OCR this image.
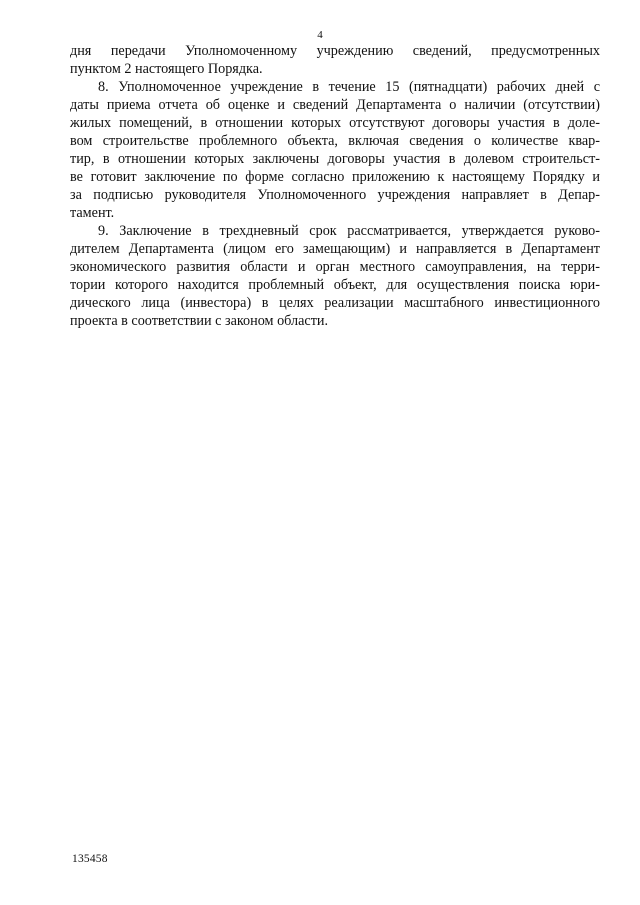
4
дня передачи Уполномоченному учреждению сведений, предусмотренных
пунктом 2 настоящего Порядка.
8. Уполномоченное учреждение в течение 15 (пятнадцати) рабочих дней с
даты приема отчета об оценке и сведений Департамента о наличии (отсутствии)
жилых помещений, в отношении которых отсутствуют договоры участия в доле-
вом строительстве проблемного объекта, включая сведения о количестве квар-
тир, в отношении которых заключены договоры участия в долевом строительст-
ве готовит заключение по форме согласно приложению к настоящему Порядку и
за подписью руководителя Уполномоченного учреждения направляет в Депар-
тамент.
9. Заключение в трехдневный срок рассматривается, утверждается руково-
дителем Департамента (лицом его замещающим) и направляется в Департамент
экономического развития области и орган местного самоуправления, на терри-
тории которого находится проблемный объект, для осуществления поиска юри-
дического лица (инвестора) в целях реализации масштабного инвестиционного
проекта в соответствии с законом области.
135458
